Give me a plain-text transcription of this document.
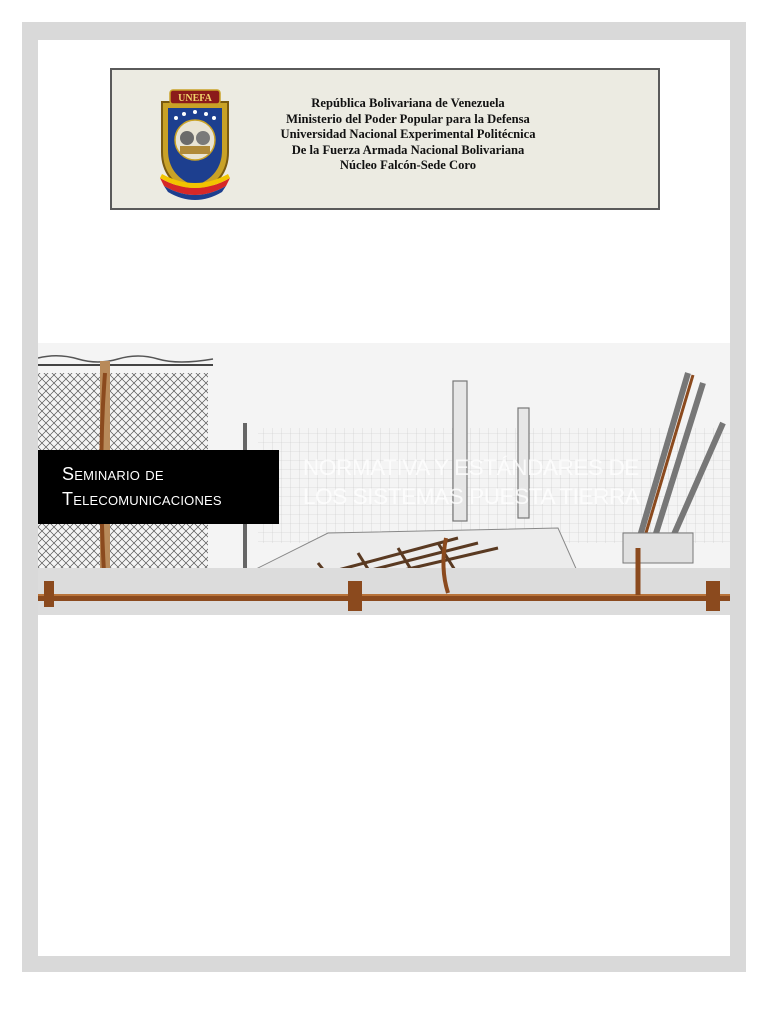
UNEFA	República Bolivariana de Venezuela
Ministerio del Poder Popular para la Defensa
Universidad Nacional Experimental Politécnica
De la Fuerza Armada Nacional Bolivariana
Núcleo Falcón-Sede Coro
Seminario de
Telecomunicaciones
NORMATIVA Y ESTÁNDARES DE
LOS SISTEMAS PUESTA TIERRA
